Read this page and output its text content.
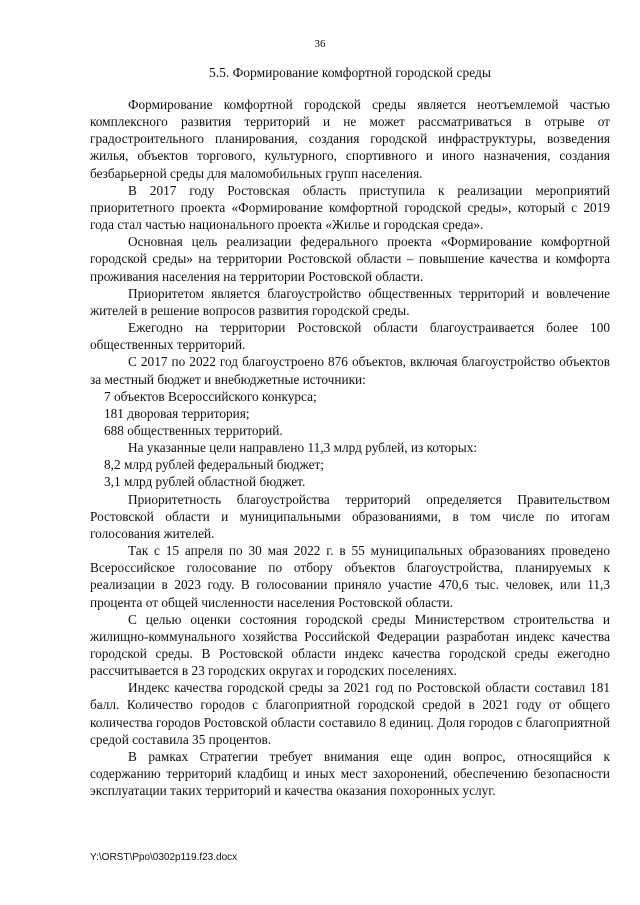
36
5.5. Формирование комфортной городской среды

Формирование комфортной городской среды является неотъемлемой частью комплексного развития территорий и не может рассматриваться в отрыве от градостроительного планирования, создания городской инфраструктуры, возведения жилья, объектов торгового, культурного, спортивного и иного назначения, создания безбарьерной среды для маломобильных групп населения.

В 2017 году Ростовская область приступила к реализации мероприятий приоритетного проекта «Формирование комфортной городской среды», который с 2019 года стал частью национального проекта «Жилье и городская среда».

Основная цель реализации федерального проекта «Формирование комфортной городской среды» на территории Ростовской области – повышение качества и комфорта проживания населения на территории Ростовской области.

Приоритетом является благоустройство общественных территорий и вовлечение жителей в решение вопросов развития городской среды.

Ежегодно на территории Ростовской области благоустраивается более 100 общественных территорий.

С 2017 по 2022 год благоустроено 876 объектов, включая благоустройство объектов за местный бюджет и внебюджетные источники:

7 объектов Всероссийского конкурса;

181 дворовая территория;

688 общественных территорий.

На указанные цели направлено 11,3 млрд рублей, из которых:

8,2 млрд рублей федеральный бюджет;

3,1 млрд рублей областной бюджет.

Приоритетность благоустройства территорий определяется Правительством Ростовской области и муниципальными образованиями, в том числе по итогам голосования жителей.

Так с 15 апреля по 30 мая 2022 г. в 55 муниципальных образованиях проведено Всероссийское голосование по отбору объектов благоустройства, планируемых к реализации в 2023 году. В голосовании приняло участие 470,6 тыс. человек, или 11,3 процента от общей численности населения Ростовской области.

С целью оценки состояния городской среды Министерством строительства и жилищно-коммунального хозяйства Российской Федерации разработан индекс качества городской среды. В Ростовской области индекс качества городской среды ежегодно рассчитывается в 23 городских округах и городских поселениях.

Индекс качества городской среды за 2021 год по Ростовской области составил 181 балл. Количество городов с благоприятной городской средой в 2021 году от общего количества городов Ростовской области составило 8 единиц. Доля городов с благоприятной средой составила 35 процентов.

В рамках Стратегии требует внимания еще один вопрос, относящийся к содержанию территорий кладбищ и иных мест захоронений, обеспечению безопасности эксплуатации таких территорий и качества оказания похоронных услуг.

Y:\ORST\Ppo\0302p119.f23.docx
